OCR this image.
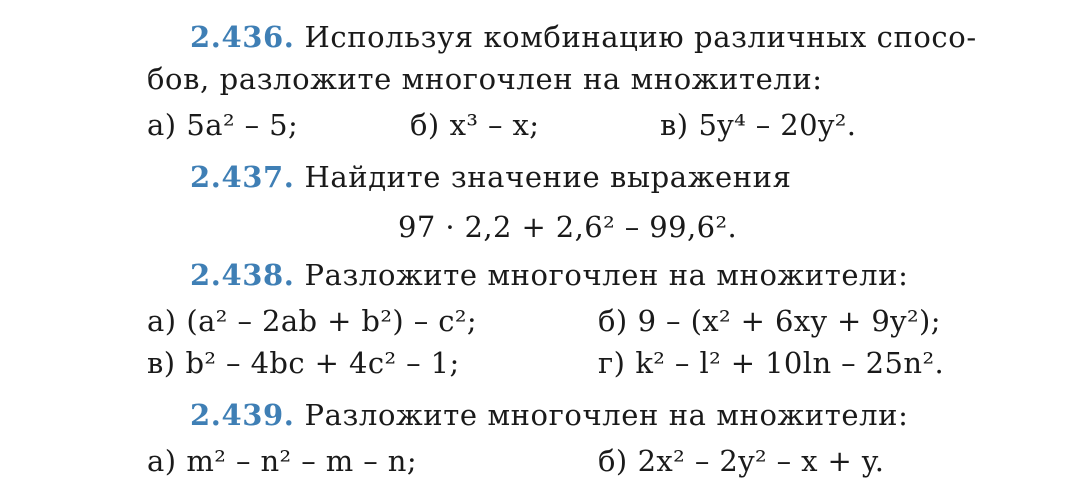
2.436. Используя комбинацию различных спосо-
бов, разложите многочлен на множители:
а) 5a² – 5;	б) x³ – x;	в) 5y⁴ – 20y².
2.437. Найдите значение выражения
97 · 2,2 + 2,6² – 99,6².
2.438. Разложите многочлен на множители:
а) (a² – 2ab + b²) – c²;	б) 9 – (x² + 6xy + 9y²);
в) b² – 4bc + 4c² – 1;	г) k² – l² + 10ln – 25n².
2.439. Разложите многочлен на множители:
а) m² – n² – m – n;	б) 2x² – 2y² – x + y.
